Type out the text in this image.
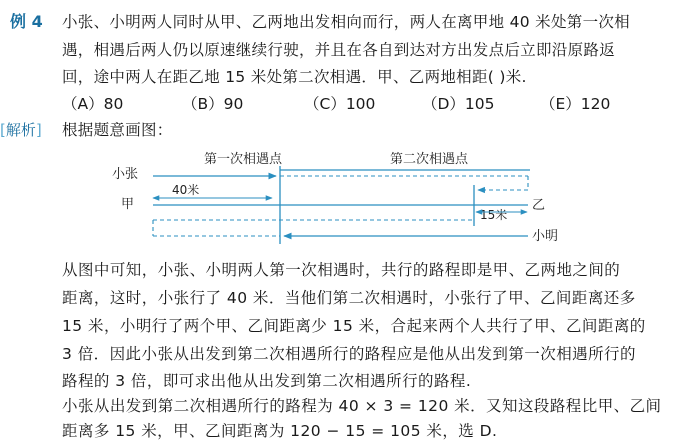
例 4 小张、小明两人同时从甲、乙两地出发相向而行，两人在离甲地 40 米处第一次相
遇，相遇后两人仍以原速继续行驶，并且在各自到达对方出发点后立即沿原路返
回，途中两人在距乙地 15 米处第二次相遇．甲、乙两地相距( )米.
（A）80	（B）90	（C）100	（D）105	（E）120
[解析] 根据题意画图：
第一次相遇点	第二次相遇点
小张
甲	乙
小明
40米
15米
从图中可知，小张、小明两人第一次相遇时，共行的路程即是甲、乙两地之间的
距离，这时，小张行了 40 米．当他们第二次相遇时，小张行了甲、乙间距离还多
15 米，小明行了两个甲、乙间距离少 15 米，合起来两个人共行了甲、乙间距离的
3 倍．因此小张从出发到第二次相遇所行的路程应是他从出发到第一次相遇所行的
路程的 3 倍，即可求出他从出发到第二次相遇所行的路程.
小张从出发到第二次相遇所行的路程为 40 × 3 = 120 米．又知这段路程比甲、乙间
距离多 15 米，甲、乙间距离为 120 − 15 = 105 米，选 D.
